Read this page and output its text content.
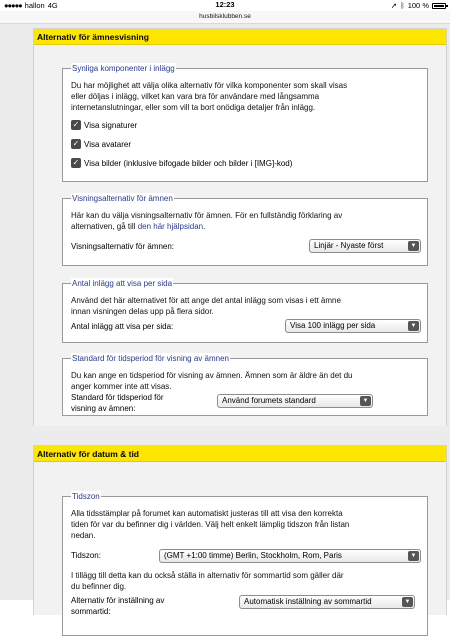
●●●●● hallon 4G	➚ ᛒ 100 %
12:23
husbilsklubben.se
Alternativ för ämnesvisning
Synliga komponenter i inlägg
Du har möjlighet att välja olika alternativ för vilka komponenter som skall visas
eller döljas i inlägg, vilket kan vara bra för användare med långsamma
internetanslutningar, eller som vill ta bort onödiga detaljer från inlägg.
✓ Visa signaturer
✓ Visa avatarer
✓ Visa bilder (inklusive bifogade bilder och bilder i [IMG]-kod)
Visningsalternativ för ämnen
Här kan du välja visningsalternativ för ämnen. För en fullständig förklaring av
alternativen, gå till den här hjälpsidan.
Visningsalternativ för ämnen:	Linjär - Nyaste först	▼
Antal inlägg att visa per sida
Använd det här alternativet för att ange det antal inlägg som visas i ett ämne
innan visningen delas upp på flera sidor.
Antal inlägg att visa per sida:	Visa 100 inlägg per sida	▼
Standard för tidsperiod för visning av ämnen
Du kan ange en tidsperiod för visning av ämnen. Ämnen som är äldre än det du
anger kommer inte att visas.
Standard för tidsperiod för
visning av ämnen:
Använd forumets standard	▼
Alternativ för datum & tid
Tidszon
Alla tidsstämplar på forumet kan automatiskt justeras till att visa den korrekta
tiden för var du befinner dig i världen. Välj helt enkelt lämplig tidszon från listan
nedan.
Tidszon:	(GMT +1:00 timme) Berlin, Stockholm, Rom, Paris	▼
I tillägg till detta kan du också ställa in alternativ för sommartid som gäller där
du befinner dig.
Alternativ för inställning av
sommartid:
Automatisk inställning av sommartid	▼
